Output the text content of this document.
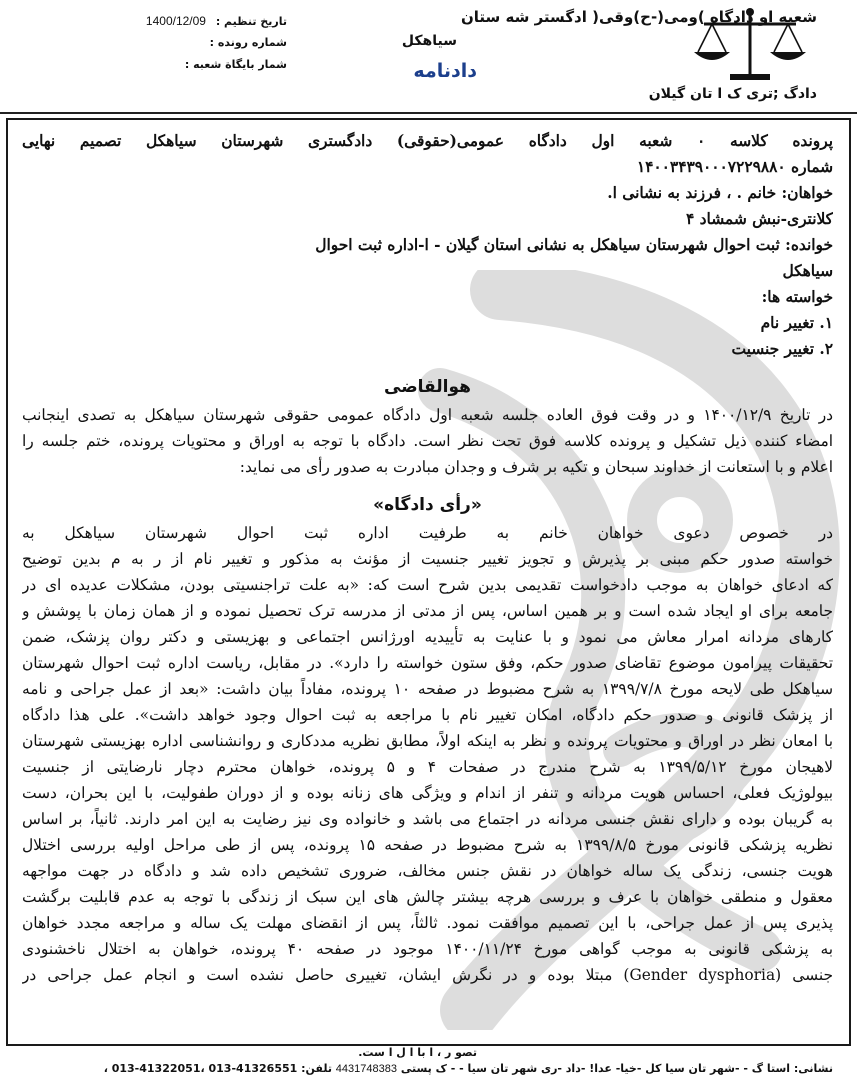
شعبه او دادگاه )ومی(-ح)وقی( ادگستر شه ستان
سیاهکل
دادنامه
دادگ ;تری ک ا تان گیلان
تاریخ تنظیم : 1400/12/09
شماره رونده :
شمار بایگاة شعبه :
پرونده کلاسه ۰ شعبه اول دادگاه عمومی(حقوقی) دادگستری شهرستان سیاهکل تصمیم نهایی
شماره ۱۴۰۰۳۴۳۹۰۰۰۷۲۲۹۸۸۰
خواهان: خانم . ، فرزند به نشانی ا.
کلانتری-نبش شمشاد ۴
خوانده: ثبت احوال شهرستان سیاهکل به نشانی استان گیلان - ا-اداره ثبت احوال
سیاهکل
خواسته ها:
۱. تغییر نام
۲. تغییر جنسیت
هوالقاضی
در تاریخ ۱۴۰۰/۱۲/۹ و در وقت فوق العاده جلسه شعبه اول دادگاه عمومی حقوقی شهرستان سیاهکل به تصدی اینجانب
امضاء کننده ذیل تشکیل و پرونده کلاسه فوق تحت نظر است. دادگاه با توجه به اوراق و محتویات پرونده، ختم جلسه را
اعلام و با استعانت از خداوند سبحان و تکیه بر شرف و وجدان مبادرت به صدور رأی می نماید:
«رأی دادگاه»
در خصوص دعوی خواهان خانم به طرفیت اداره ثبت احوال شهرستان سیاهکل به
خواسته صدور حکم مبنی بر پذیرش و تجویز تغییر جنسیت از مؤنث به مذکور و تغییر نام از ر به م بدین توضیح
که ادعای خواهان به موجب دادخواست تقدیمی بدین شرح است که: «به علت تراجنسیتی بودن، مشکلات عدیده ای در
جامعه برای او ایجاد شده است و بر همین اساس، پس از مدتی از مدرسه ترک تحصیل نموده و از همان زمان با پوشش و
کارهای مردانه امرار معاش می نمود و با عنایت به تأییدیه اورژانس اجتماعی و بهزیستی و دکتر روان پزشک، ضمن
تحقیقات پیرامون موضوع تقاضای صدور حکم، وفق ستون خواسته را دارد». در مقابل، ریاست اداره ثبت احوال شهرستان
سیاهکل طی لایحه مورخ ۱۳۹۹/۷/۸ به شرح مضبوط در صفحه ۱۰ پرونده، مفاداً بیان داشت: «بعد از عمل جراحی و نامه
از پزشک قانونی و صدور حکم دادگاه، امکان تغییر نام با مراجعه به ثبت احوال وجود خواهد داشت». علی هذا دادگاه
با امعان نظر در اوراق و محتویات پرونده و نظر به اینکه اولاً، مطابق نظریه مددکاری و روانشناسی اداره بهزیستی شهرستان
لاهیجان مورخ ۱۳۹۹/۵/۱۲ به شرح مندرج در صفحات ۴ و ۵ پرونده، خواهان محترم دچار نارضایتی از جنسیت
بیولوژیک فعلی، احساس هویت مردانه و تنفر از اندام و ویژگی های زنانه بوده و از دوران طفولیت، با این بحران، دست
به گریبان بوده و دارای نقش جنسی مردانه در اجتماع می باشد و خانواده وی نیز رضایت به این امر دارند. ثانیاً، بر اساس
نظریه پزشکی قانونی مورخ ۱۳۹۹/۸/۵ به شرح مضبوط در صفحه ۱۵ پرونده، پس از طی مراحل اولیه بررسی اختلال
هویت جنسی، زندگی یک ساله خواهان در نقش جنس مخالف، ضروری تشخیص داده شد و دادگاه در جهت مواجهه
معقول و منطقی خواهان با عرف و بررسی هرچه بیشتر چالش های این سبک از زندگی با توجه به عدم قابلیت برگشت
پذیری پس از عمل جراحی، با این تصمیم موافقت نمود. ثالثاً، پس از انقضای مهلت یک ساله و مراجعه مجدد خواهان
به پزشکی قانونی به موجب گواهی مورخ ۱۴۰۰/۱۱/۲۴ موجود در صفحه ۴۰ پرونده، خواهان به اختلال ناخشنودی
جنسی (Gender dysphoria) مبتلا بوده و در نگرش ایشان، تغییری حاصل نشده است و انجام عمل جراحی در
تصو ر ، ا با ا ل ا ست.
نشانی: استا گ - -شهر تان سیا کل -خیا- عدا! -داد -ری شهر تان سیا - - ک پستی 4431748383 تلفن: 41326551-013 ،41322051-013 ،
